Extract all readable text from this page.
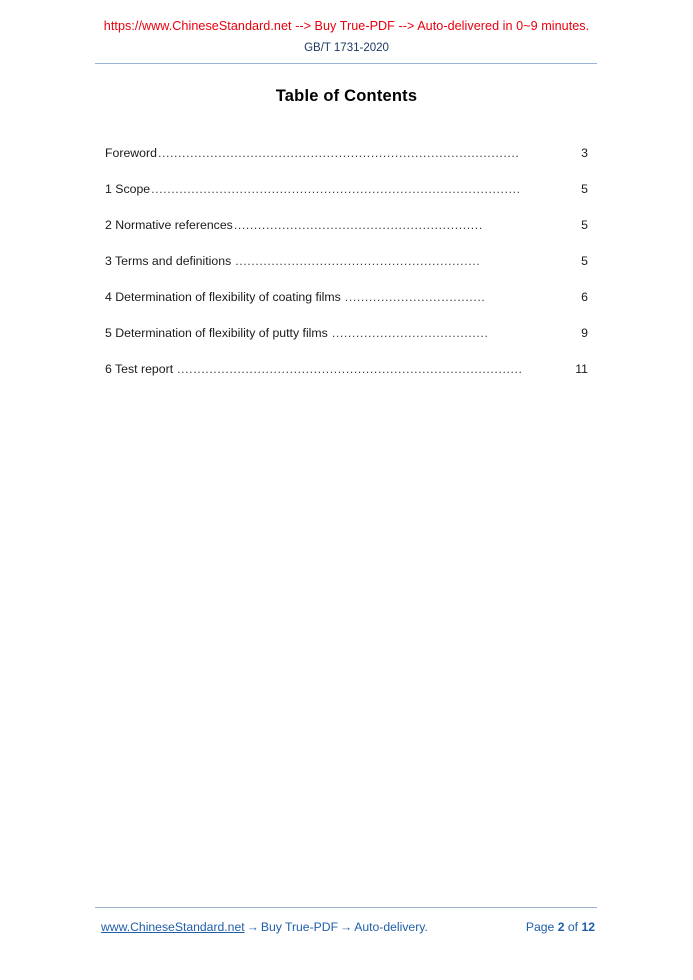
https://www.ChineseStandard.net --> Buy True-PDF --> Auto-delivered in 0~9 minutes.
GB/T 1731-2020
Table of Contents
Foreword ..........................................................................................	3
1 Scope ............................................................................................	5
2 Normative references ..............................................................	5
3 Terms and definitions .............................................................	5
4 Determination of flexibility of coating films ...................................	6
5 Determination of flexibility of putty films .......................................	9
6 Test report ......................................................................................	11
www.ChineseStandard.net → Buy True-PDF → Auto-delivery.	Page 2 of 12
